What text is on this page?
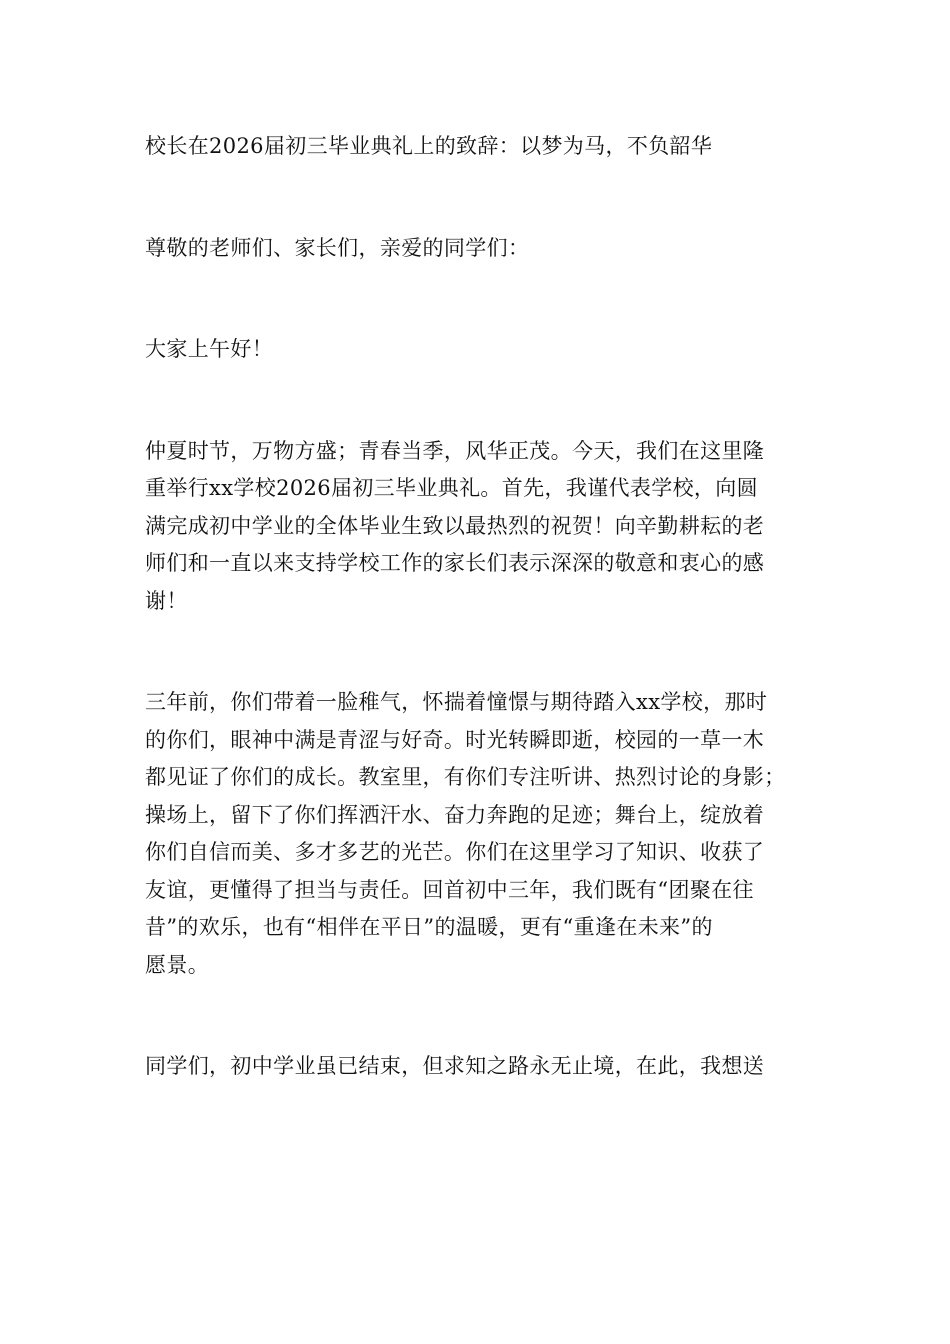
校长在2026届初三毕业典礼上的致辞：以梦为马，不负韶华

尊敬的老师们、家长们，亲爱的同学们：

大家上午好！

仲夏时节，万物方盛；青春当季，风华正茂。今天，我们在这里隆
重举行xx学校2026届初三毕业典礼。首先，我谨代表学校，向圆
满完成初中学业的全体毕业生致以最热烈的祝贺！向辛勤耕耘的老
师们和一直以来支持学校工作的家长们表示深深的敬意和衷心的感
谢！

三年前，你们带着一脸稚气，怀揣着憧憬与期待踏入xx学校，那时
的你们，眼神中满是青涩与好奇。时光转瞬即逝，校园的一草一木
都见证了你们的成长。教室里，有你们专注听讲、热烈讨论的身影；
操场上，留下了你们挥洒汗水、奋力奔跑的足迹；舞台上，绽放着
你们自信而美、多才多艺的光芒。你们在这里学习了知识、收获了
友谊，更懂得了担当与责任。回首初中三年，我们既有“团聚在往
昔”的欢乐，也有“相伴在平日”的温暖，更有“重逢在未来”的
愿景。

同学们，初中学业虽已结束，但求知之路永无止境，在此，我想送
